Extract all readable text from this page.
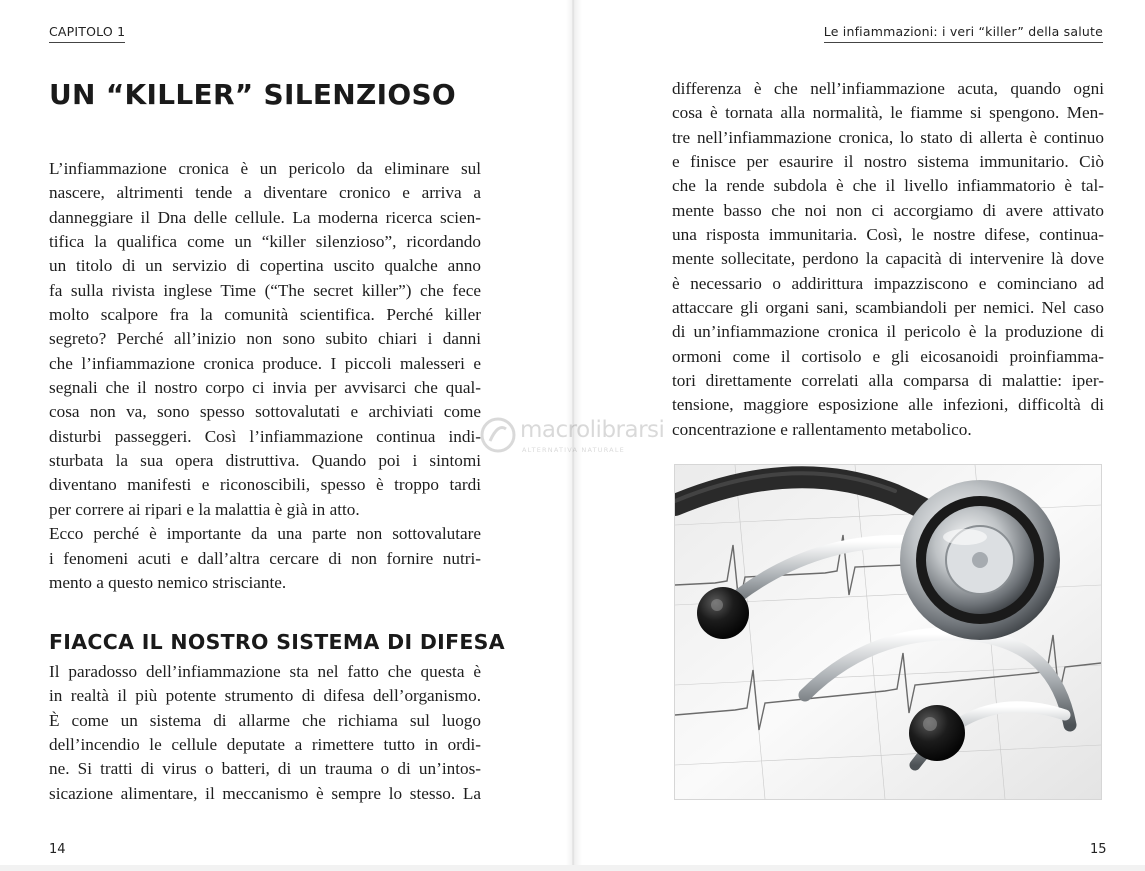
CAPITOLO 1	Le infiammazioni: i veri “killer” della salute
UN “KILLER” SILENZIOSO
L’infiammazione cronica è un pericolo da eliminare sul
nascere, altrimenti tende a diventare cronico e arriva a
danneggiare il Dna delle cellule. La moderna ricerca scien-
tifica la qualifica come un “killer silenzioso”, ricordando
un titolo di un servizio di copertina uscito qualche anno
fa sulla rivista inglese Time (“The secret killer”) che fece
molto scalpore fra la comunità scientifica. Perché killer
segreto? Perché all’inizio non sono subito chiari i danni
che l’infiammazione cronica produce. I piccoli malesseri e
segnali che il nostro corpo ci invia per avvisarci che qual-
cosa non va, sono spesso sottovalutati e archiviati come
disturbi passeggeri. Così l’infiammazione continua indi-
sturbata la sua opera distruttiva. Quando poi i sintomi
diventano manifesti e riconoscibili, spesso è troppo tardi
per correre ai ripari e la malattia è già in atto.
Ecco perché è importante da una parte non sottovalutare
i fenomeni acuti e dall’altra cercare di non fornire nutri-
mento a questo nemico strisciante.
FIACCA IL NOSTRO SISTEMA DI DIFESA
Il paradosso dell’infiammazione sta nel fatto che questa è
in realtà il più potente strumento di difesa dell’organismo.
È come un sistema di allarme che richiama sul luogo
dell’incendio le cellule deputate a rimettere tutto in ordi-
ne. Si tratti di virus o batteri, di un trauma o di un’intos-
sicazione alimentare, il meccanismo è sempre lo stesso. La
differenza è che nell’infiammazione acuta, quando ogni
cosa è tornata alla normalità, le fiamme si spengono. Men-
tre nell’infiammazione cronica, lo stato di allerta è continuo
e finisce per esaurire il nostro sistema immunitario. Ciò
che la rende subdola è che il livello infiammatorio è tal-
mente basso che noi non ci accorgiamo di avere attivato
una risposta immunitaria. Così, le nostre difese, continua-
mente sollecitate, perdono la capacità di intervenire là dove
è necessario o addirittura impazziscono e cominciano ad
attaccare gli organi sani, scambiandoli per nemici. Nel caso
di un’infiammazione cronica il pericolo è la produzione di
ormoni come il cortisolo e gli eicosanoidi proinfiamma-
tori direttamente correlati alla comparsa di malattie: iper-
tensione, maggiore esposizione alle infezioni, difficoltà di
concentrazione e rallentamento metabolico.
14	15
